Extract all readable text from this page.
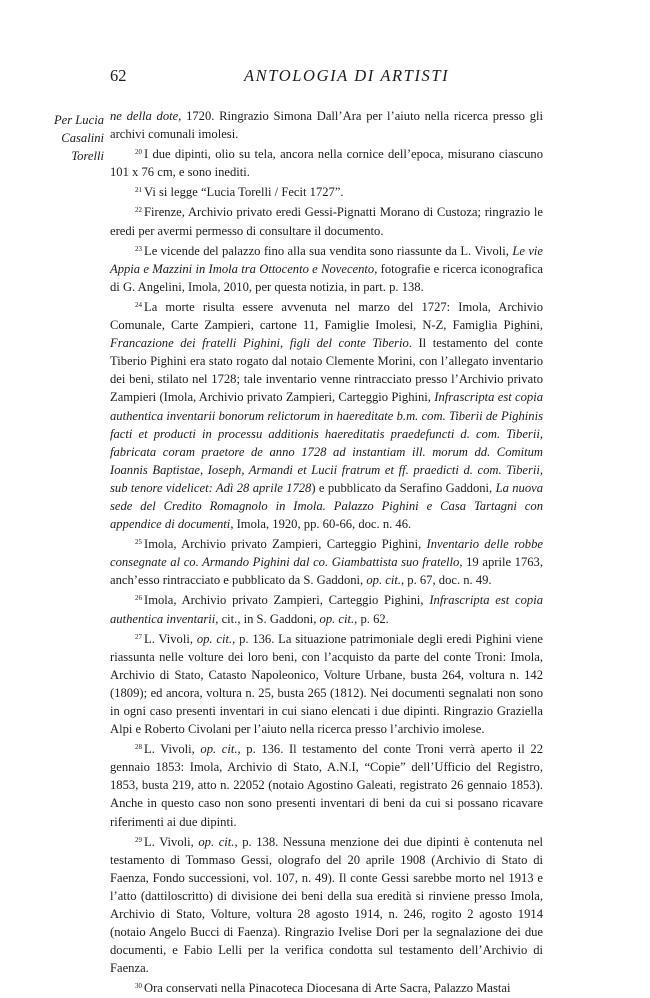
62	ANTOLOGIA DI ARTISTI
Per Lucia
Casalini
Torelli

ne della dote, 1720. Ringrazio Simona Dall’Ara per l’aiuto nella ricerca presso gli archivi comunali imolesi.

$^{20}$ I due dipinti, olio su tela, ancora nella cornice dell’epoca, misurano ciascuno 101 x 76 cm, e sono inediti.

$^{21}$ Vi si legge “Lucia Torelli / Fecit 1727”.

$^{22}$ Firenze, Archivio privato eredi Gessi-Pignatti Morano di Custoza; ringrazio le eredi per avermi permesso di consultare il documento.

$^{23}$ Le vicende del palazzo fino alla sua vendita sono riassunte da L. Vivoli, Le vie Appia e Mazzini in Imola tra Ottocento e Novecento, fotografie e ricerca iconografica di G. Angelini, Imola, 2010, per questa notizia, in part. p. 138.

$^{24}$ La morte risulta essere avvenuta nel marzo del 1727: Imola, Archivio Comunale, Carte Zampieri, cartone 11, Famiglie Imolesi, N-Z, Famiglia Pighini, Francazione dei fratelli Pighini, figli del conte Tiberio. Il testamento del conte Tiberio Pighini era stato rogato dal notaio Clemente Morini, con l’allegato inventario dei beni, stilato nel 1728; tale inventario venne rintracciato presso l’Archivio privato Zampieri (Imola, Archivio privato Zampieri, Carteggio Pighini, Infrascripta est copia authentica inventarii bonorum relictorum in haereditate b.m. com. Tiberii de Pighinis facti et producti in processu additionis haereditatis praedefuncti d. com. Tiberii, fabricata coram praetore de anno 1728 ad instantiam ill. morum dd. Comitum Ioannis Baptistae, Ioseph, Armandi et Lucii fratrum et ff. praedicti d. com. Tiberii, sub tenore videlicet: Adì 28 aprile 1728) e pubblicato da Serafino Gaddoni, La nuova sede del Credito Romagnolo in Imola. Palazzo Pighini e Casa Tartagni con appendice di documenti, Imola, 1920, pp. 60-66, doc. n. 46.

$^{25}$ Imola, Archivio privato Zampieri, Carteggio Pighini, Inventario delle robbe consegnate al co. Armando Pighini dal co. Giambattista suo fratello, 19 aprile 1763, anch’esso rintracciato e pubblicato da S. Gaddoni, op. cit., p. 67, doc. n. 49.

$^{26}$ Imola, Archivio privato Zampieri, Carteggio Pighini, Infrascripta est copia authentica inventarii, cit., in S. Gaddoni, op. cit., p. 62.

$^{27}$ L. Vivoli, op. cit., p. 136. La situazione patrimoniale degli eredi Pighini viene riassunta nelle volture dei loro beni, con l’acquisto da parte del conte Troni: Imola, Archivio di Stato, Catasto Napoleonico, Volture Urbane, busta 264, voltura n. 142 (1809); ed ancora, voltura n. 25, busta 265 (1812). Nei documenti segnalati non sono in ogni caso presenti inventari in cui siano elencati i due dipinti. Ringrazio Graziella Alpi e Roberto Civolani per l’aiuto nella ricerca presso l’archivio imolese.

$^{28}$ L. Vivoli, op. cit., p. 136. Il testamento del conte Troni verrà aperto il 22 gennaio 1853: Imola, Archivio di Stato, A.N.I, “Copie” dell’Ufficio del Registro, 1853, busta 219, atto n. 22052 (notaio Agostino Galeati, registrato 26 gennaio 1853). Anche in questo caso non sono presenti inventari di beni da cui si possano ricavare riferimenti ai due dipinti.

$^{29}$ L. Vivoli, op. cit., p. 138. Nessuna menzione dei due dipinti è contenuta nel testamento di Tommaso Gessi, olografo del 20 aprile 1908 (Archivio di Stato di Faenza, Fondo successioni, vol. 107, n. 49). Il conte Gessi sarebbe morto nel 1913 e l’atto (dattiloscritto) di divisione dei beni della sua eredità si rinviene presso Imola, Archivio di Stato, Volture, voltura 28 agosto 1914, n. 246, rogito 2 agosto 1914 (notaio Angelo Bucci di Faenza). Ringrazio Ivelise Dori per la segnalazione dei due documenti, e Fabio Lelli per la verifica condotta sul testamento dell’Archivio di Faenza.

$^{30}$ Ora conservati nella Pinacoteca Diocesana di Arte Sacra, Palazzo Mastai
